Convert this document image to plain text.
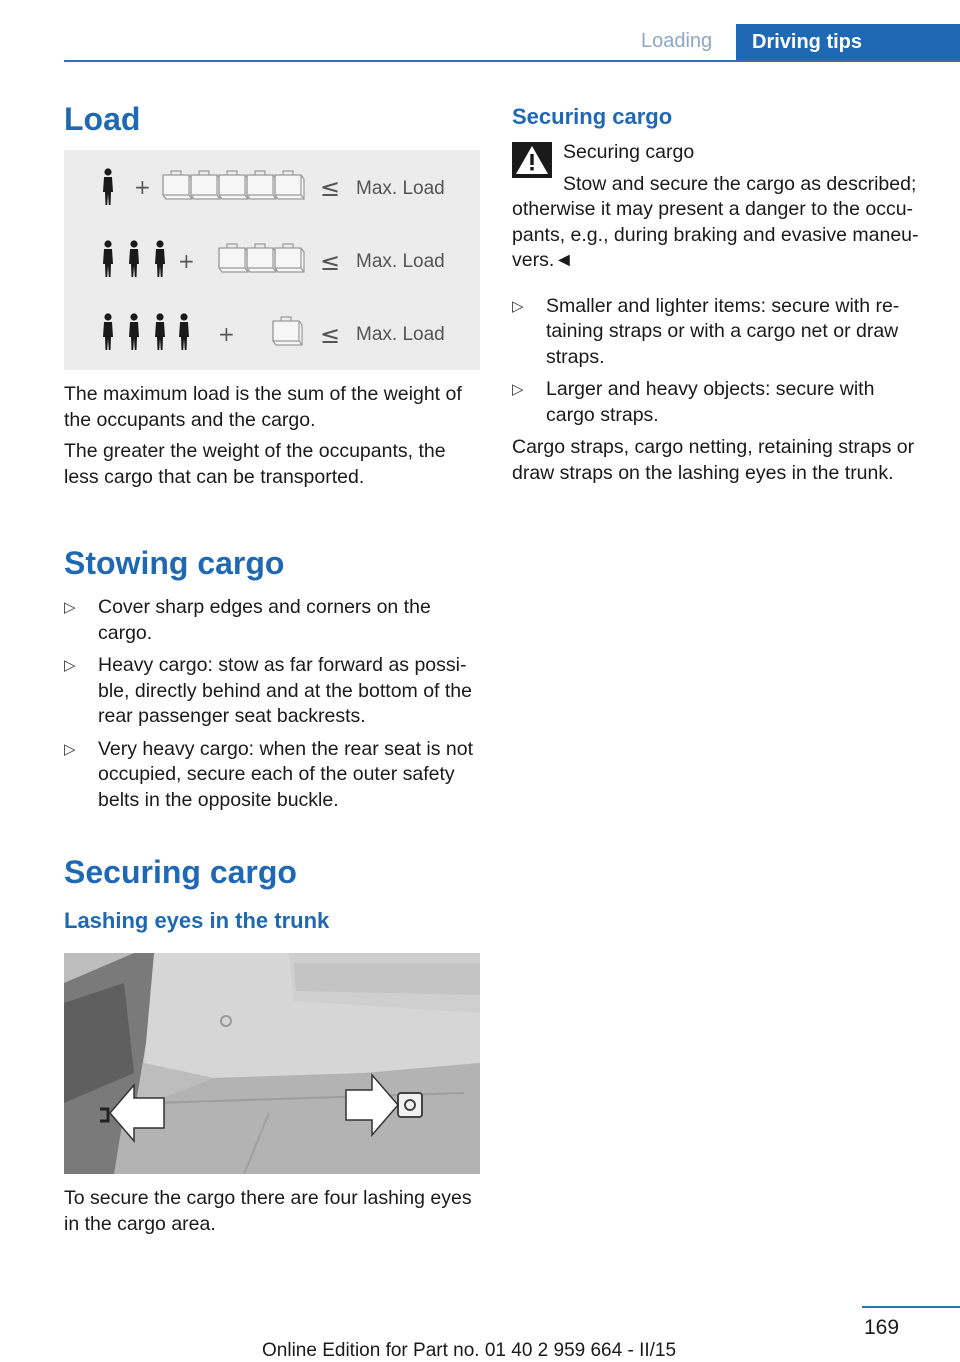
Loading	Driving tips
Load
+	≤ Max. Load
+	≤ Max. Load
+	≤ Max. Load

The maximum load is the sum of the weight of the occupants and the cargo.

The greater the weight of the occupants, the less cargo that can be transported.

Stowing cargo
▷ Cover sharp edges and corners on the cargo.
▷ Heavy cargo: stow as far forward as possi‐ble, directly behind and at the bottom of the rear passenger seat backrests.
▷ Very heavy cargo: when the rear seat is not occupied, secure each of the outer safety belts in the opposite buckle.
Securing cargo
Lashing eyes in the trunk
To secure the cargo there are four lashing eyes in the cargo area.
Securing cargo
Securing cargo
Stow and secure the cargo as described;
otherwise it may present a danger to the occu‐pants, e.g., during braking and evasive maneu‐vers.◄
▷ Smaller and lighter items: secure with re‐taining straps or with a cargo net or draw straps.
▷ Larger and heavy objects: secure with cargo straps.

Cargo straps, cargo netting, retaining straps or draw straps on the lashing eyes in the trunk.

169
Online Edition for Part no. 01 40 2 959 664 - II/15
